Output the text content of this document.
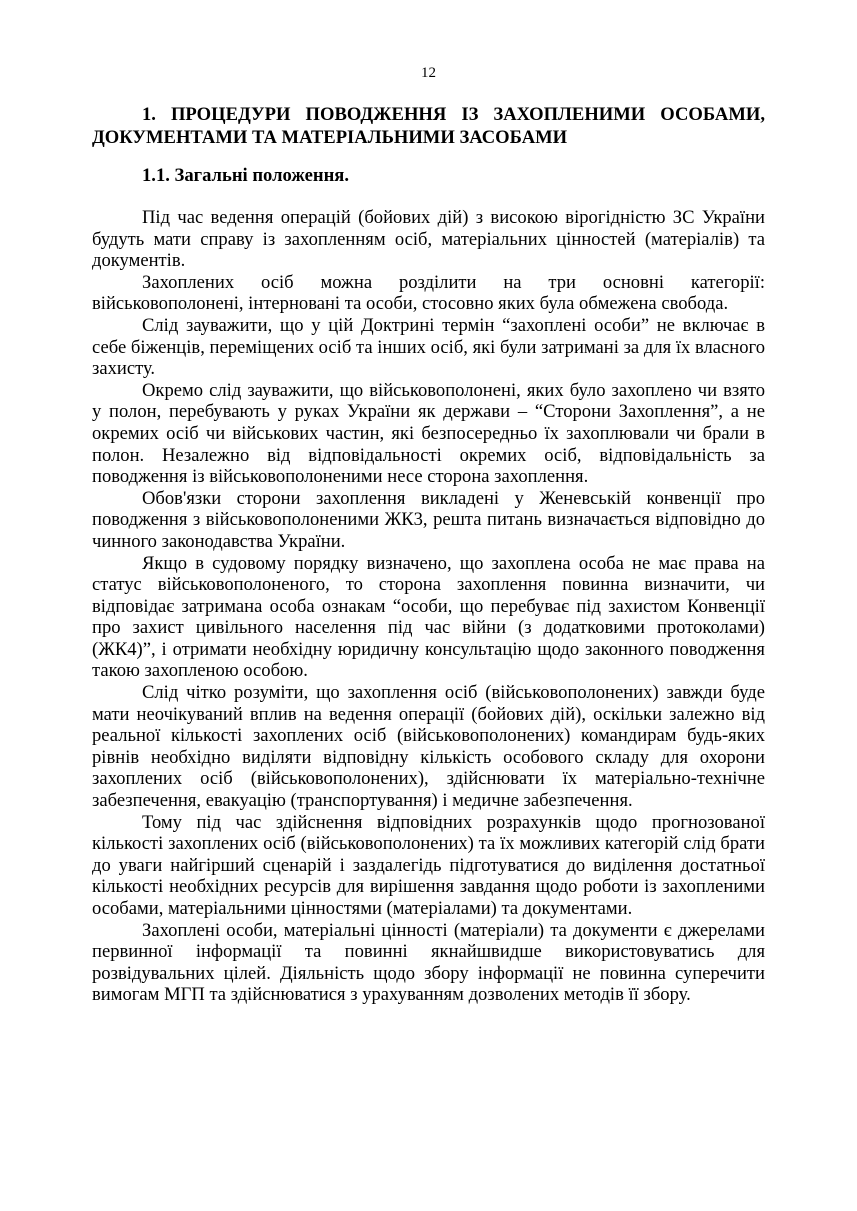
12
1. ПРОЦЕДУРИ ПОВОДЖЕННЯ ІЗ ЗАХОПЛЕНИМИ ОСОБАМИ, ДОКУМЕНТАМИ ТА МАТЕРІАЛЬНИМИ ЗАСОБАМИ
1.1. Загальні положення.

Під час ведення операцій (бойових дій) з високою вірогідністю ЗС України будуть мати справу із захопленням осіб, матеріальних цінностей (матеріалів) та документів.

Захоплених осіб можна розділити на три основні категорії: військовополонені, інтерновані та особи, стосовно яких була обмежена свобода.

Слід зауважити, що у цій Доктрині термін “захоплені особи” не включає в себе біженців, переміщених осіб та інших осіб, які були затримані за для їх власного захисту.

Окремо слід зауважити, що військовополонені, яких було захоплено чи взято у полон, перебувають у руках України як держави – “Сторони Захоплення”, а не окремих осіб чи військових частин, які безпосередньо їх захоплювали чи брали в полон. Незалежно від відповідальності окремих осіб, відповідальність за поводження із військовополоненими несе сторона захоплення.

Обов'язки сторони захоплення викладені у Женевській конвенції про поводження з військовополоненими ЖК3, решта питань визначається відповідно до чинного законодавства України.

Якщо в судовому порядку визначено, що захоплена особа не має права на статус військовополоненого, то сторона захоплення повинна визначити, чи відповідає затримана особа ознакам “особи, що перебуває під захистом Конвенції про захист цивільного населення під час війни (з додатковими протоколами) (ЖК4)”, і отримати необхідну юридичну консультацію щодо законного поводження такою захопленою особою.

Слід чітко розуміти, що захоплення осіб (військовополонених) завжди буде мати неочікуваний вплив на ведення операції (бойових дій), оскільки залежно від реальної кількості захоплених осіб (військовополонених) командирам будь-яких рівнів необхідно виділяти відповідну кількість особового складу для охорони захоплених осіб (військовополонених), здійснювати їх матеріально-технічне забезпечення, евакуацію (транспортування) і медичне забезпечення.

Тому під час здійснення відповідних розрахунків щодо прогнозованої кількості захоплених осіб (військовополонених) та їх можливих категорій слід брати до уваги найгірший сценарій і заздалегідь підготуватися до виділення достатньої кількості необхідних ресурсів для вирішення завдання щодо роботи із захопленими особами, матеріальними цінностями (матеріалами) та документами.

Захоплені особи, матеріальні цінності (матеріали) та документи є джерелами первинної інформації та повинні якнайшвидше використовуватись для розвідувальних цілей. Діяльність щодо збору інформації не повинна суперечити вимогам МГП та здійснюватися з урахуванням дозволених методів її збору.
